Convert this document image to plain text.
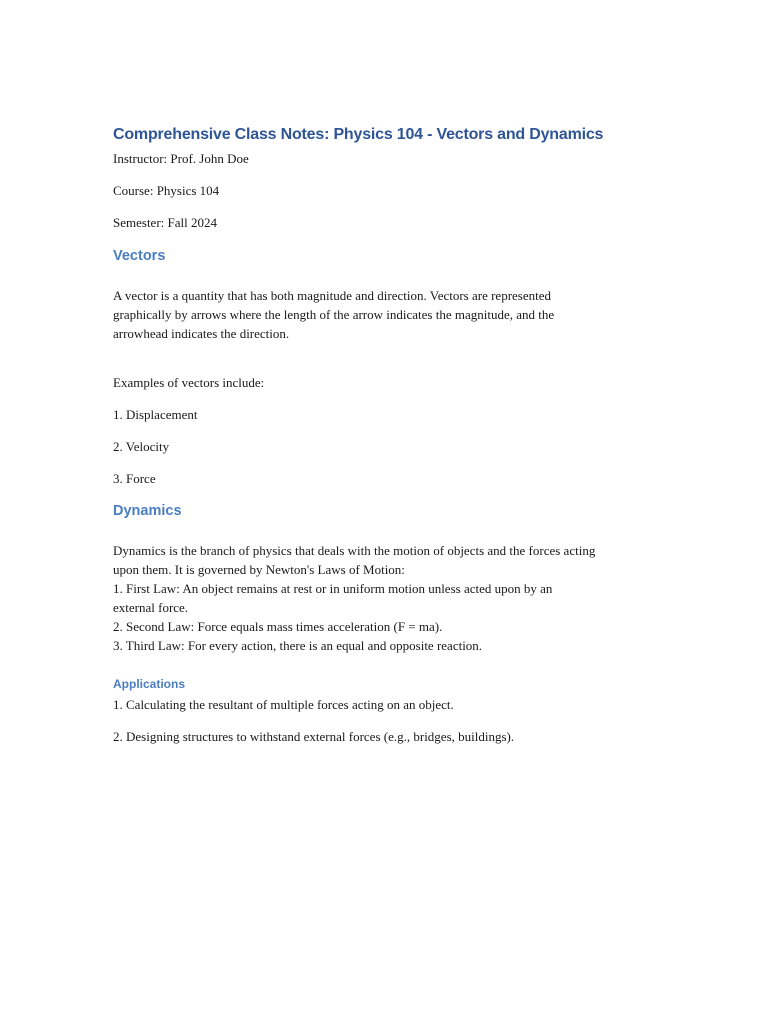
Comprehensive Class Notes: Physics 104 - Vectors and Dynamics

Instructor: Prof. John Doe

Course: Physics 104

Semester: Fall 2024

Vectors
A vector is a quantity that has both magnitude and direction. Vectors are represented
graphically by arrows where the length of the arrow indicates the magnitude, and the
arrowhead indicates the direction.

Examples of vectors include:

1. Displacement

2. Velocity

3. Force

Dynamics
Dynamics is the branch of physics that deals with the motion of objects and the forces acting
upon them. It is governed by Newton's Laws of Motion:
1. First Law: An object remains at rest or in uniform motion unless acted upon by an
external force.
2. Second Law: Force equals mass times acceleration (F = ma).
3. Third Law: For every action, there is an equal and opposite reaction.
Applications

1. Calculating the resultant of multiple forces acting on an object.

2. Designing structures to withstand external forces (e.g., bridges, buildings).
